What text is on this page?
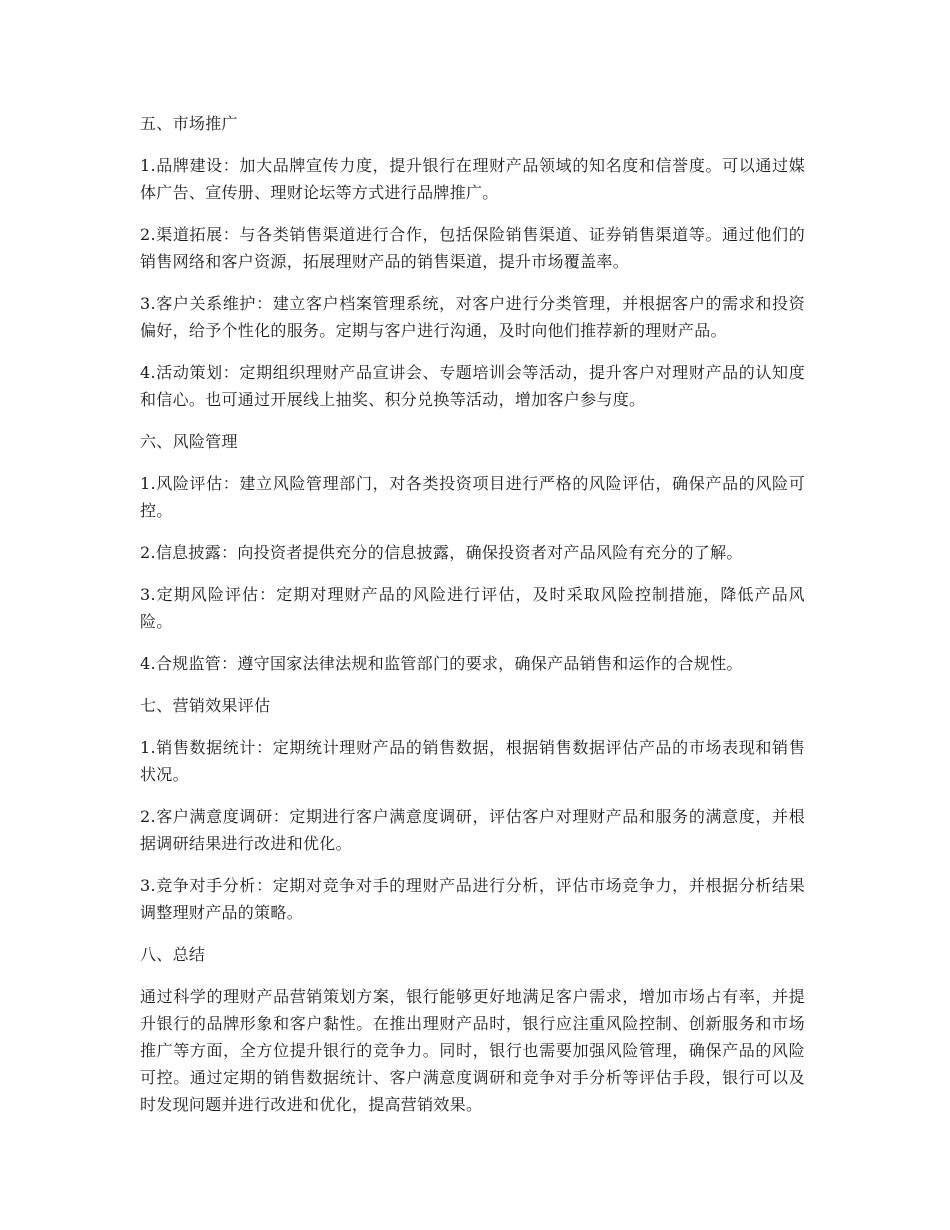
五、市场推广

1.品牌建设：加大品牌宣传力度，提升银行在理财产品领域的知名度和信誉度。可以通过媒体广告、宣传册、理财论坛等方式进行品牌推广。

2.渠道拓展：与各类销售渠道进行合作，包括保险销售渠道、证券销售渠道等。通过他们的销售网络和客户资源，拓展理财产品的销售渠道，提升市场覆盖率。

3.客户关系维护：建立客户档案管理系统，对客户进行分类管理，并根据客户的需求和投资偏好，给予个性化的服务。定期与客户进行沟通，及时向他们推荐新的理财产品。

4.活动策划：定期组织理财产品宣讲会、专题培训会等活动，提升客户对理财产品的认知度和信心。也可通过开展线上抽奖、积分兑换等活动，增加客户参与度。

六、风险管理

1.风险评估：建立风险管理部门，对各类投资项目进行严格的风险评估，确保产品的风险可控。

2.信息披露：向投资者提供充分的信息披露，确保投资者对产品风险有充分的了解。

3.定期风险评估：定期对理财产品的风险进行评估，及时采取风险控制措施，降低产品风险。

4.合规监管：遵守国家法律法规和监管部门的要求，确保产品销售和运作的合规性。

七、营销效果评估

1.销售数据统计：定期统计理财产品的销售数据，根据销售数据评估产品的市场表现和销售状况。

2.客户满意度调研：定期进行客户满意度调研，评估客户对理财产品和服务的满意度，并根据调研结果进行改进和优化。

3.竞争对手分析：定期对竞争对手的理财产品进行分析，评估市场竞争力，并根据分析结果调整理财产品的策略。

八、总结

通过科学的理财产品营销策划方案，银行能够更好地满足客户需求，增加市场占有率，并提升银行的品牌形象和客户黏性。在推出理财产品时，银行应注重风险控制、创新服务和市场推广等方面，全方位提升银行的竞争力。同时，银行也需要加强风险管理，确保产品的风险可控。通过定期的销售数据统计、客户满意度调研和竞争对手分析等评估手段，银行可以及时发现问题并进行改进和优化，提高营销效果。
